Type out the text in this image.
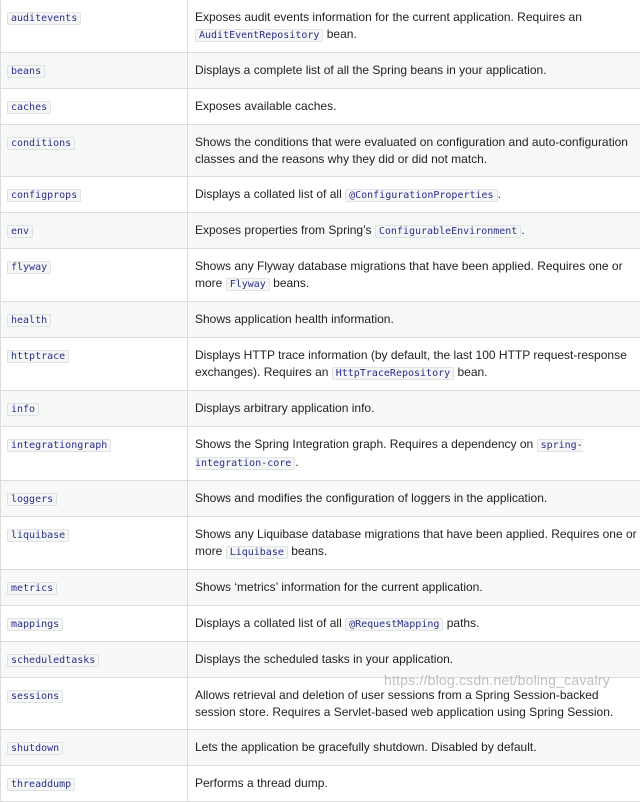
auditevents	Exposes audit events information for the current application. Requires an AuditEventRepository bean.
beans	Displays a complete list of all the Spring beans in your application.
caches	Exposes available caches.
conditions	Shows the conditions that were evaluated on configuration and auto-configuration classes and the reasons why they did or did not match.
configprops	Displays a collated list of all @ConfigurationProperties .
env	Exposes properties from Spring’s ConfigurableEnvironment .
flyway	Shows any Flyway database migrations that have been applied. Requires one or more Flyway beans.
health	Shows application health information.
httptrace	Displays HTTP trace information (by default, the last 100 HTTP request-response exchanges). Requires an HttpTraceRepository bean.
info	Displays arbitrary application info.
integrationgraph	Shows the Spring Integration graph. Requires a dependency on spring-integration-core .
loggers	Shows and modifies the configuration of loggers in the application.
liquibase	Shows any Liquibase database migrations that have been applied. Requires one or more Liquibase beans.
metrics	Shows ‘metrics’ information for the current application.
mappings	Displays a collated list of all @RequestMapping paths.
scheduledtasks	Displays the scheduled tasks in your application.
sessions	Allows retrieval and deletion of user sessions from a Spring Session-backed session store. Requires a Servlet-based web application using Spring Session.
shutdown	Lets the application be gracefully shutdown. Disabled by default.
threaddump	Performs a thread dump.
https://blog.csdn.net/boling_cavalry
